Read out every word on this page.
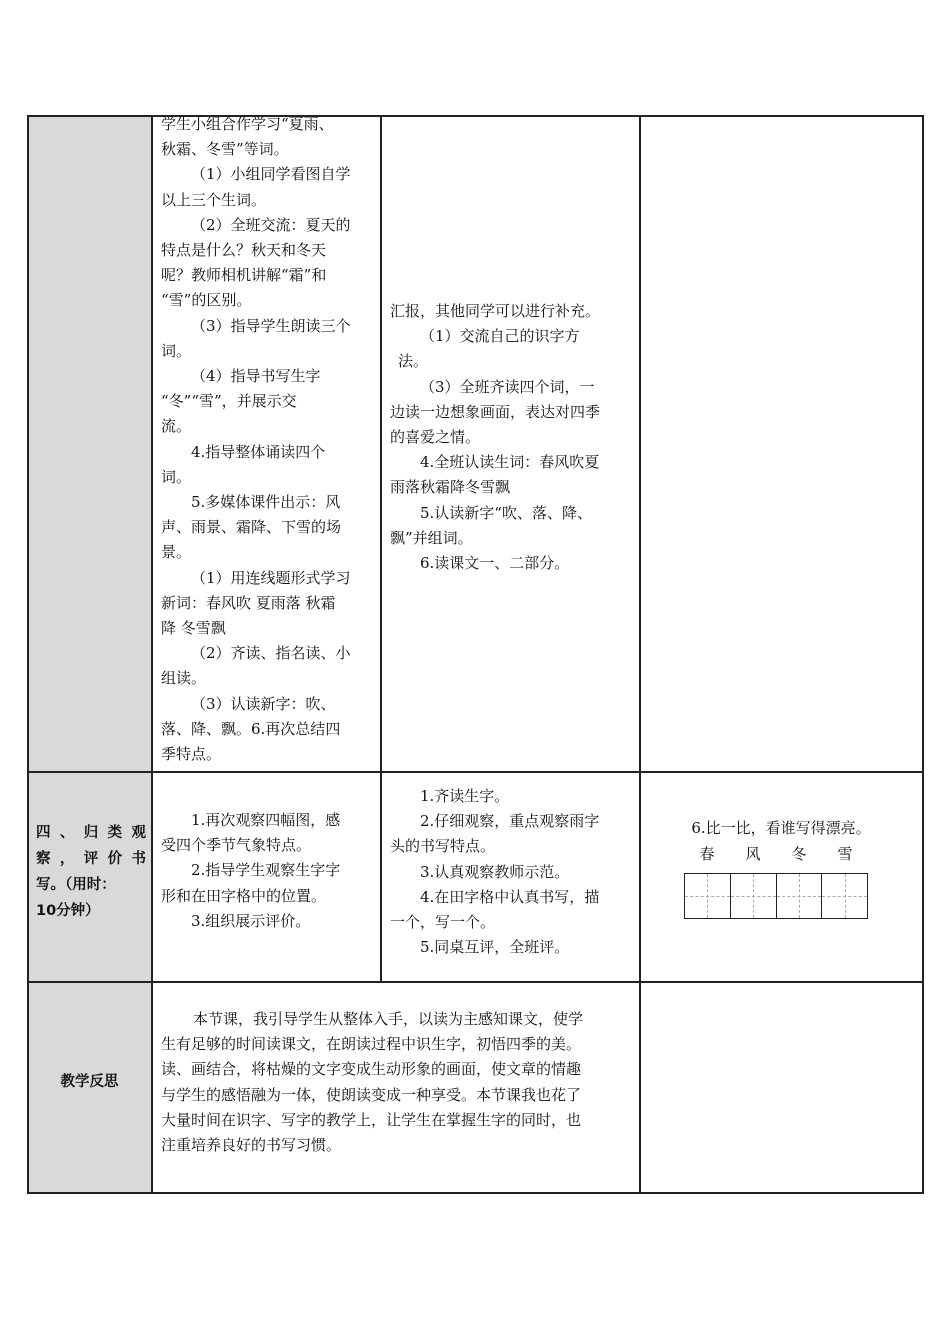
学生小组合作学习“夏雨、

秋霜、冬雪”等词。

（1）小组同学看图自学

以上三个生词。

（2）全班交流：夏天的

特点是什么？秋天和冬天

呢？教师相机讲解“霜”和

“雪”的区别。

（3）指导学生朗读三个

词。

（4）指导书写生字

“冬”“雪”，并展示交

流。

4.指导整体诵读四个

词。

5.多媒体课件出示：风

声、雨景、霜降、下雪的场

景。

（1）用连线题形式学习

新词：春风吹 夏雨落 秋霜

降 冬雪飘

（2）齐读、指名读、小

组读。

（3）认读新字：吹、

落、降、飘。6.再次总结四

季特点。

汇报，其他同学可以进行补充。

（1）交流自己的识字方

法。

（3）全班齐读四个词，一

边读一边想象画面，表达对四季

的喜爱之情。

4.全班认读生词：春风吹夏

雨落秋霜降冬雪飘

5.认读新字“吹、落、降、

飘”并组词。

6.读课文一、二部分。

四、归类观
察，评价书
写。（用时：
10分钟）

1.再次观察四幅图，感

受四个季节气象特点。

2.指导学生观察生字字

形和在田字格中的位置。

3.组织展示评价。

1.齐读生字。

2.仔细观察，重点观察雨字

头的书写特点。

3.认真观察教师示范。

4.在田字格中认真书写，描

一个，写一个。

5.同桌互评，全班评。

6.比一比，看谁写得漂亮。
春 风 冬 雪
教学反思

本节课，我引导学生从整体入手，以读为主感知课文，使学

生有足够的时间读课文，在朗读过程中识生字，初悟四季的美。

读、画结合，将枯燥的文字变成生动形象的画面，使文章的情趣

与学生的感悟融为一体，使朗读变成一种享受。本节课我也花了

大量时间在识字、写字的教学上，让学生在掌握生字的同时，也

注重培养良好的书写习惯。
